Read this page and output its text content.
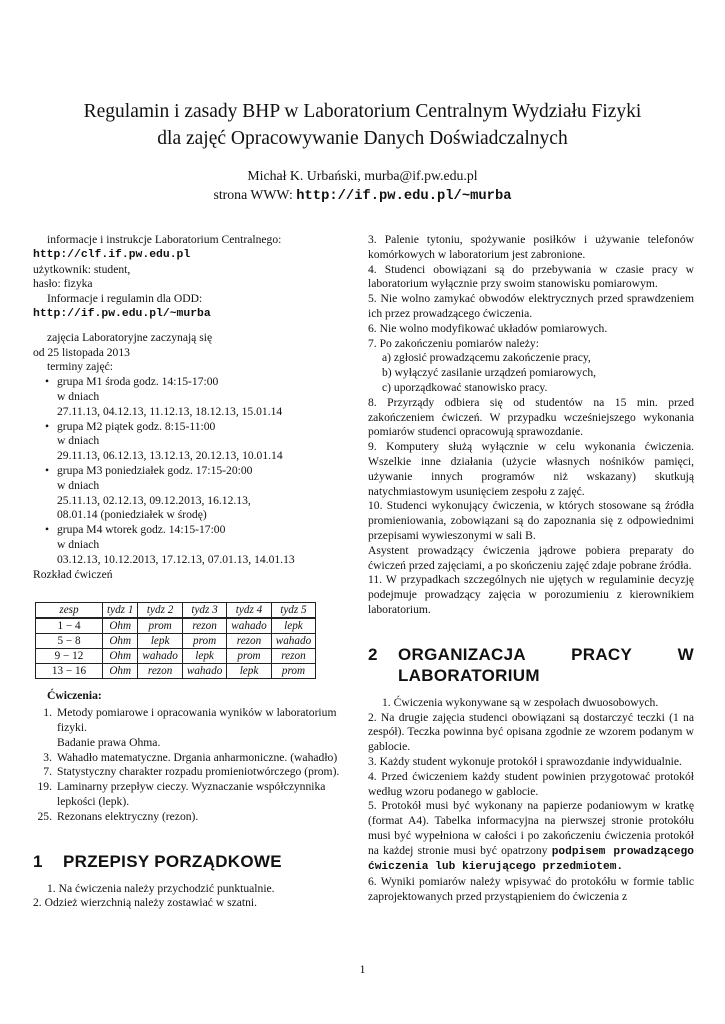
Regulamin i zasady BHP w Laboratorium Centralnym Wydziału Fizyki
dla zajęć Opracowywanie Danych Doświadczalnych
Michał K. Urbański, murba@if.pw.edu.pl
strona WWW: http://if.pw.edu.pl/~murba

informacje i instrukcje Laboratorium Centralnego:

http://clf.if.pw.edu.pl

użytkownik: student,

hasło: fizyka

Informacje i regulamin dla ODD:

http://if.pw.edu.pl/~murba

zajęcia Laboratoryjne zaczynają się

od 25 listopada 2013

terminy zajęć:

• grupa M1 środa godz. 14:15-17:00
w dniach
27.11.13, 04.12.13, 11.12.13, 18.12.13, 15.01.14
• grupa M2 piątek godz. 8:15-11:00
w dniach
29.11.13, 06.12.13, 13.12.13, 20.12.13, 10.01.14
• grupa M3 poniedziałek godz. 17:15-20:00
w dniach
25.11.13, 02.12.13, 09.12.2013, 16.12.13,
08.01.14 (poniedziałek w środę)
• grupa M4 wtorek godz. 14:15-17:00
w dniach
03.12.13, 10.12.2013, 17.12.13, 07.01.13, 14.01.13

Rozkład ćwiczeń

zesp	tydz 1	tydz 2	tydz 3	tydz 4	tydz 5
1 − 4	Ohm	prom	rezon	wahado	lepk
5 − 8	Ohm	lepk	prom	rezon	wahado
9 − 12	Ohm	wahado	lepk	prom	rezon
13 − 16	Ohm	rezon	wahado	lepk	prom

Ćwiczenia:

1. Metody pomiarowe i opracowania wyników w laboratorium fizyki.
Badanie prawa Ohma.
3. Wahadło matematyczne. Drgania anharmoniczne. (wahadło)
7. Statystyczny charakter rozpadu promieniotwórczego (prom).
19. Laminarny przepływ cieczy. Wyznaczanie współczynnika lepkości (lepk).
25. Rezonans elektryczny (rezon).
1 PRZEPISY PORZĄDKOWE

1. Na ćwiczenia należy przychodzić punktualnie.

2. Odzież wierzchnią należy zostawiać w szatni.

3. Palenie tytoniu, spożywanie posiłków i używanie telefonów komórkowych w laboratorium jest zabronione.

4. Studenci obowiązani są do przebywania w czasie pracy w laboratorium wyłącznie przy swoim stanowisku pomiarowym.

5. Nie wolno zamykać obwodów elektrycznych przed sprawdzeniem ich przez prowadzącego ćwiczenia.

6. Nie wolno modyfikować układów pomiarowych.

7. Po zakończeniu pomiarów należy:

a) zgłosić prowadzącemu zakończenie pracy,

b) wyłączyć zasilanie urządzeń pomiarowych,

c) uporządkować stanowisko pracy.

8. Przyrządy odbiera się od studentów na 15 min. przed zakończeniem ćwiczeń. W przypadku wcześniejszego wykonania pomiarów studenci opracowują sprawozdanie.

9. Komputery służą wyłącznie w celu wykonania ćwiczenia. Wszelkie inne działania (użycie własnych nośników pamięci, używanie innych programów niż wskazany) skutkują natychmiastowym usunięciem zespołu z zajęć.

10. Studenci wykonujący ćwiczenia, w których stosowane są źródła promieniowania, zobowiązani są do zapoznania się z odpowiednimi przepisami wywieszonymi w sali B.

Asystent prowadzący ćwiczenia jądrowe pobiera preparaty do ćwiczeń przed zajęciami, a po skończeniu zajęć zdaje pobrane źródła.

11. W przypadkach szczególnych nie ujętych w regulaminie decyzję podejmuje prowadzący zajęcia w porozumieniu z kierownikiem laboratorium.

2	ORGANIZACJA PRACY W LABORATORIUM

1. Ćwiczenia wykonywane są w zespołach dwuosobowych.

2. Na drugie zajęcia studenci obowiązani są dostarczyć teczki (1 na zespół). Teczka powinna być opisana zgodnie ze wzorem podanym w gablocie.

3. Każdy student wykonuje protokół i sprawozdanie indywidualnie.

4. Przed ćwiczeniem każdy student powinien przygotować protokół według wzoru podanego w gablocie.

5. Protokół musi być wykonany na papierze podaniowym w kratkę (format A4). Tabelka informacyjna na pierwszej stronie protokółu musi być wypełniona w całości i po zakończeniu ćwiczenia protokół na każdej stronie musi być opatrzony podpisem prowadzącego ćwiczenia lub kierującego przedmiotem.

6. Wyniki pomiarów należy wpisywać do protokółu w formie tablic zaprojektowanych przed przystąpieniem do ćwiczenia z

1
